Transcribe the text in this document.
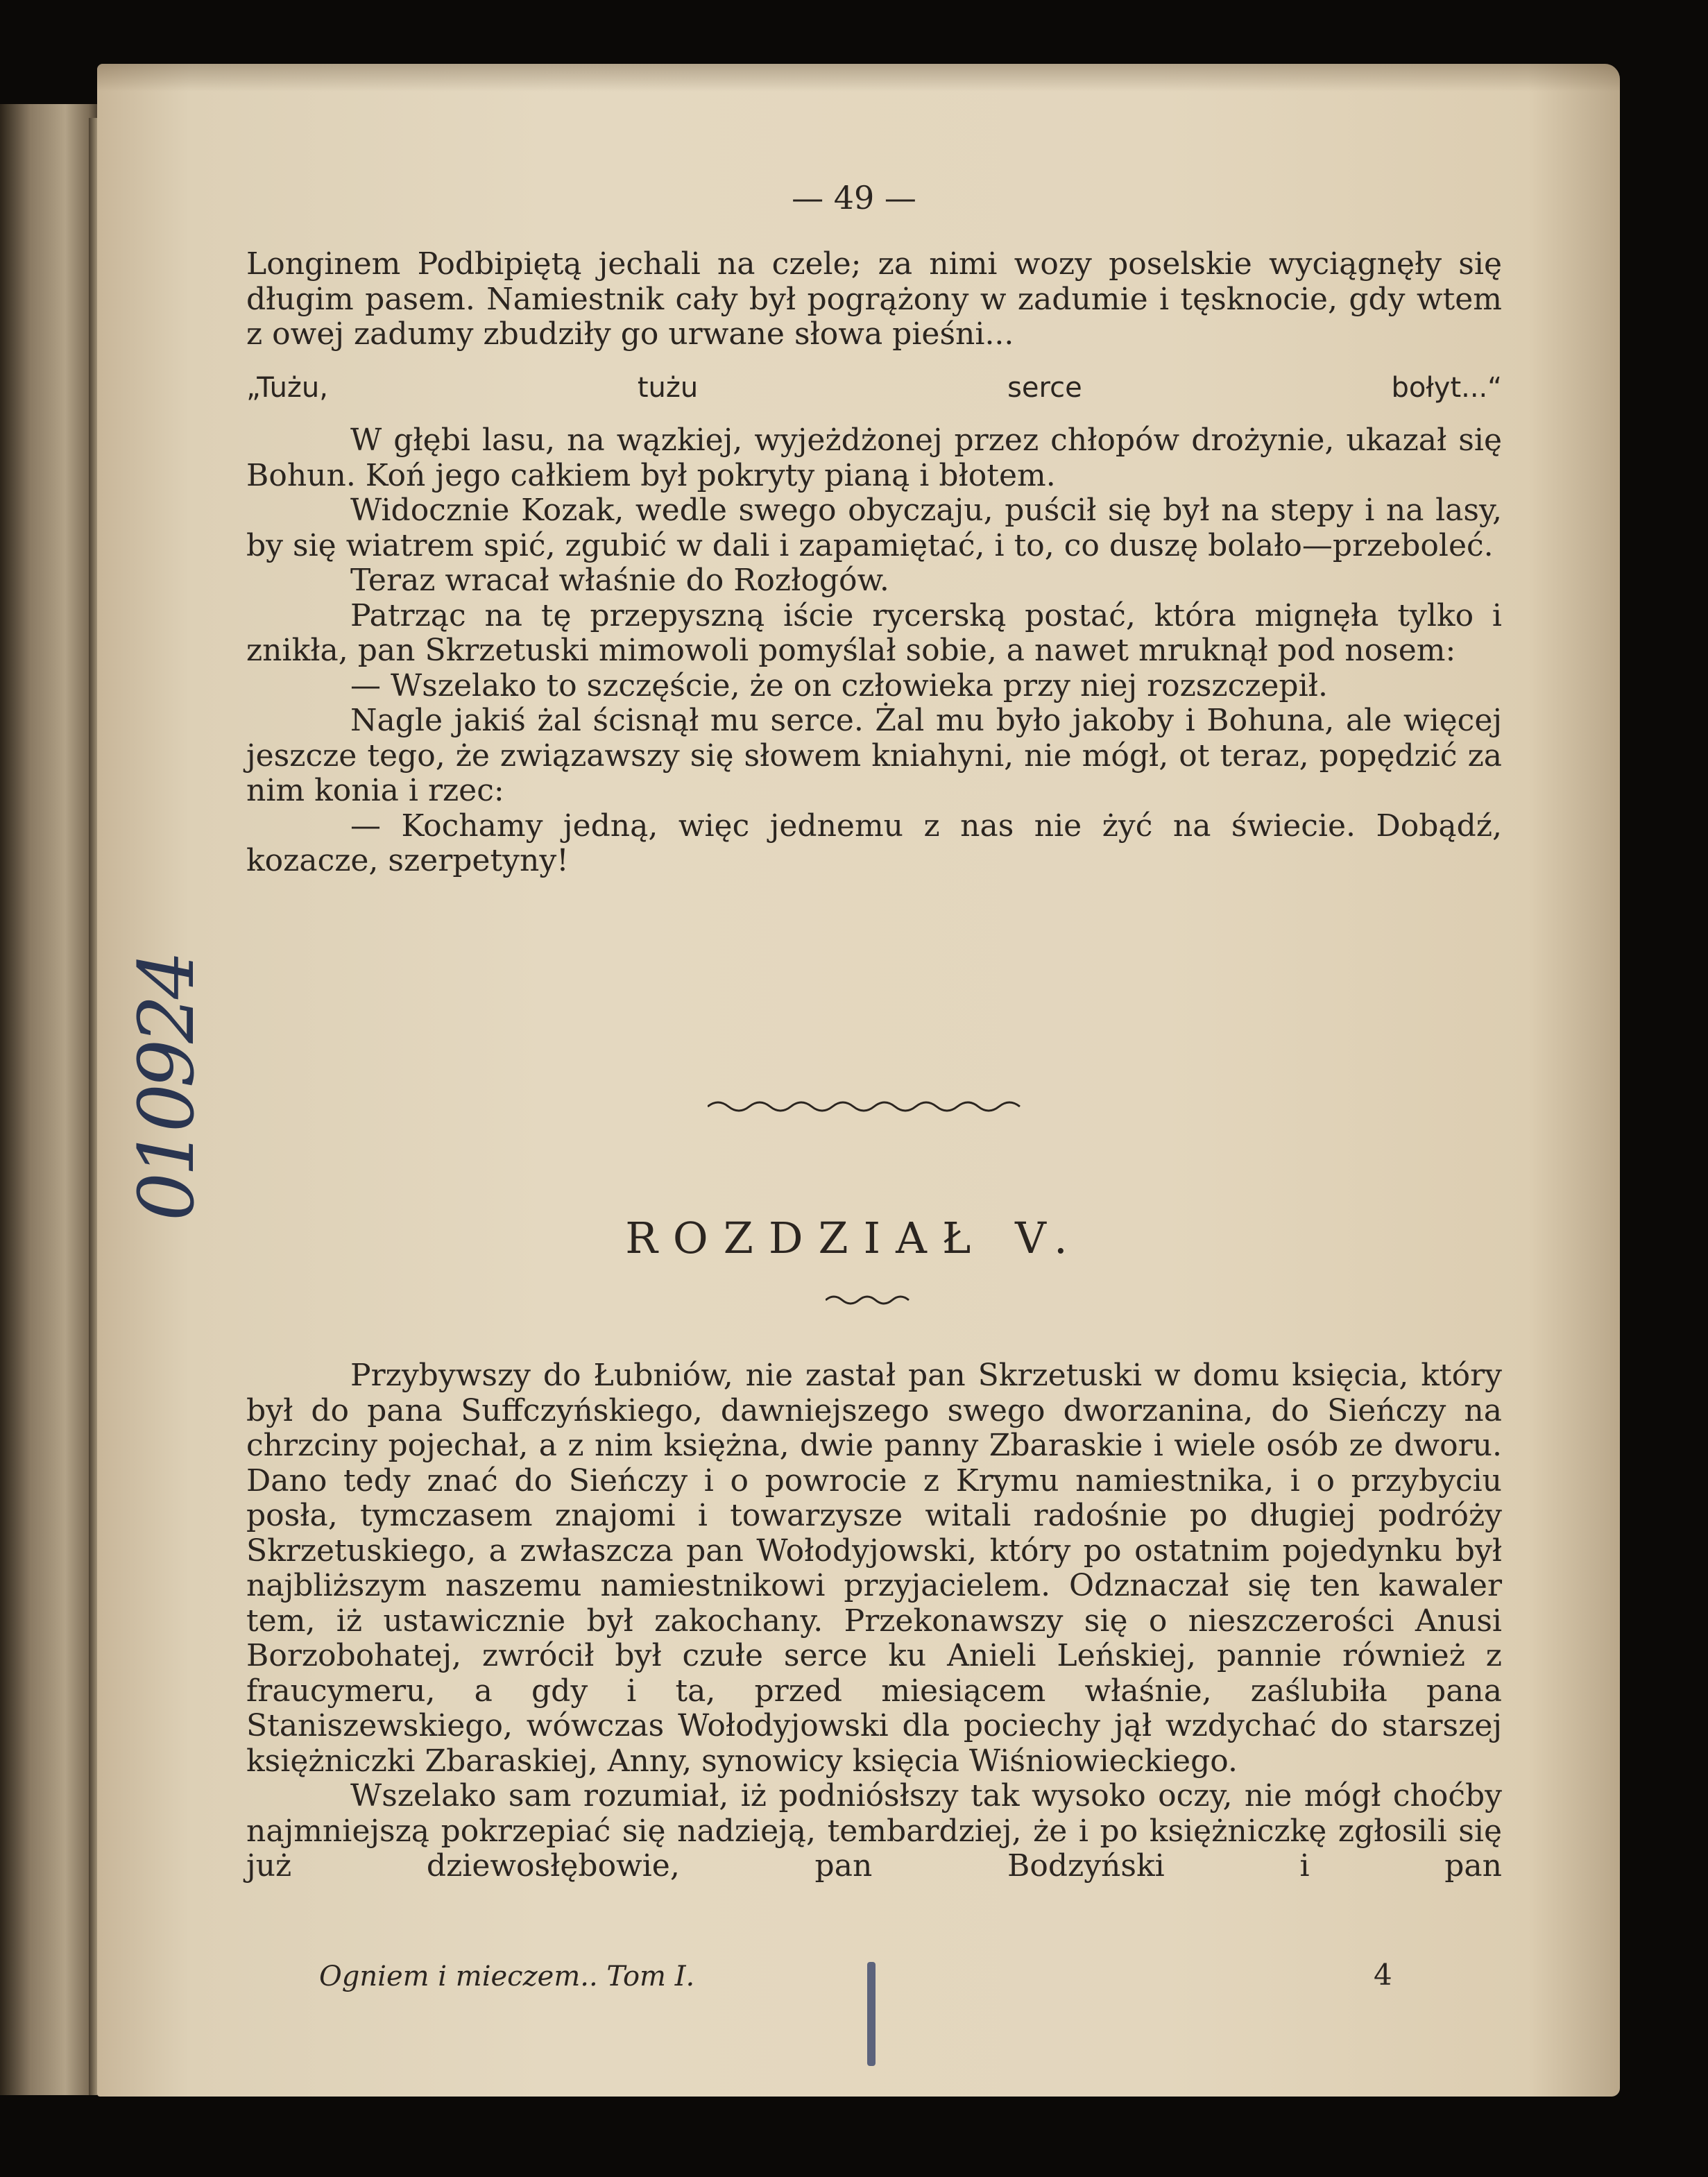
010924
— 49 —

Longinem Podbipiętą jechali na czele; za nimi wozy poselskie wyciągnęły się długim pasem. Namiestnik cały był pogrążony w zadumie i tęsknocie, gdy wtem z owej zadumy zbudziły go urwane słowa pieśni...

„Tużu, tużu serce bołyt...“

W głębi lasu, na wązkiej, wyjeżdżonej przez chłopów drożynie, ukazał się Bohun. Koń jego całkiem był pokryty pianą i błotem.

Widocznie Kozak, wedle swego obyczaju, puścił się był na stepy i na lasy, by się wiatrem spić, zgubić w dali i zapamiętać, i to, co duszę bolało—przeboleć.

Teraz wracał właśnie do Rozłogów.

Patrząc na tę przepyszną iście rycerską postać, która mignęła tylko i znikła, pan Skrzetuski mimowoli pomyślał sobie, a nawet mruknął pod nosem:

— Wszelako to szczęście, że on człowieka przy niej rozszczepił.

Nagle jakiś żal ścisnął mu serce. Żal mu było jakoby i Bohuna, ale więcej jeszcze tego, że związawszy się słowem kniahyni, nie mógł, ot teraz, popędzić za nim konia i rzec:

— Kochamy jedną, więc jednemu z nas nie żyć na świecie. Dobądź, kozacze, szerpetyny!

ROZDZIAŁ V.

Przybywszy do Łubniów, nie zastał pan Skrzetuski w domu księcia, który był do pana Suffczyńskiego, dawniejszego swego dworzanina, do Sieńczy na chrzciny pojechał, a z nim księżna, dwie panny Zbaraskie i wiele osób ze dworu. Dano tedy znać do Sieńczy i o powrocie z Krymu namiestnika, i o przybyciu posła, tymczasem znajomi i towarzysze witali radośnie po długiej podróży Skrzetuskiego, a zwłaszcza pan Wołodyjowski, który po ostatnim pojedynku był najbliższym naszemu namiestnikowi przyjacielem. Odznaczał się ten kawaler tem, iż ustawicznie był zakochany. Przekonawszy się o nieszczerości Anusi Borzobohatej, zwrócił był czułe serce ku Anieli Leńskiej, pannie również z fraucymeru, a gdy i ta, przed miesiącem właśnie, zaślubiła pana Staniszewskiego, wówczas Wołodyjowski dla pociechy jął wzdychać do starszej księżniczki Zbaraskiej, Anny, synowicy księcia Wiśniowieckiego.

Wszelako sam rozumiał, iż podniósłszy tak wysoko oczy, nie mógł choćby najmniejszą pokrzepiać się nadzieją, tembardziej, że i po księżniczkę zgłosili się już dziewosłębowie, pan Bodzyński i pan

Ogniem i mieczem.. Tom I.	4
